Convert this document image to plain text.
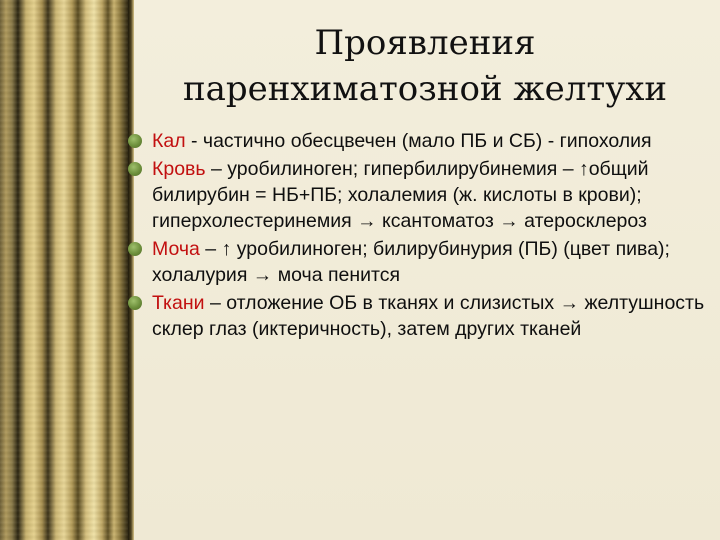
Проявления
паренхиматозной желтухи
Кал - частично обесцвечен (мало ПБ и СБ) - гипохолия
Кровь – уробилиноген; гипербилирубинемия – ↑общий билирубин = НБ+ПБ; холалемия (ж. кислоты в крови); гиперхолестеринемия → ксантоматоз → атеросклероз
Моча – ↑ уробилиноген; билирубинурия (ПБ) (цвет пива); холалурия → моча пенится
Ткани – отложение ОБ в тканях и слизистых → желтушность склер глаз (иктеричность), затем других тканей
